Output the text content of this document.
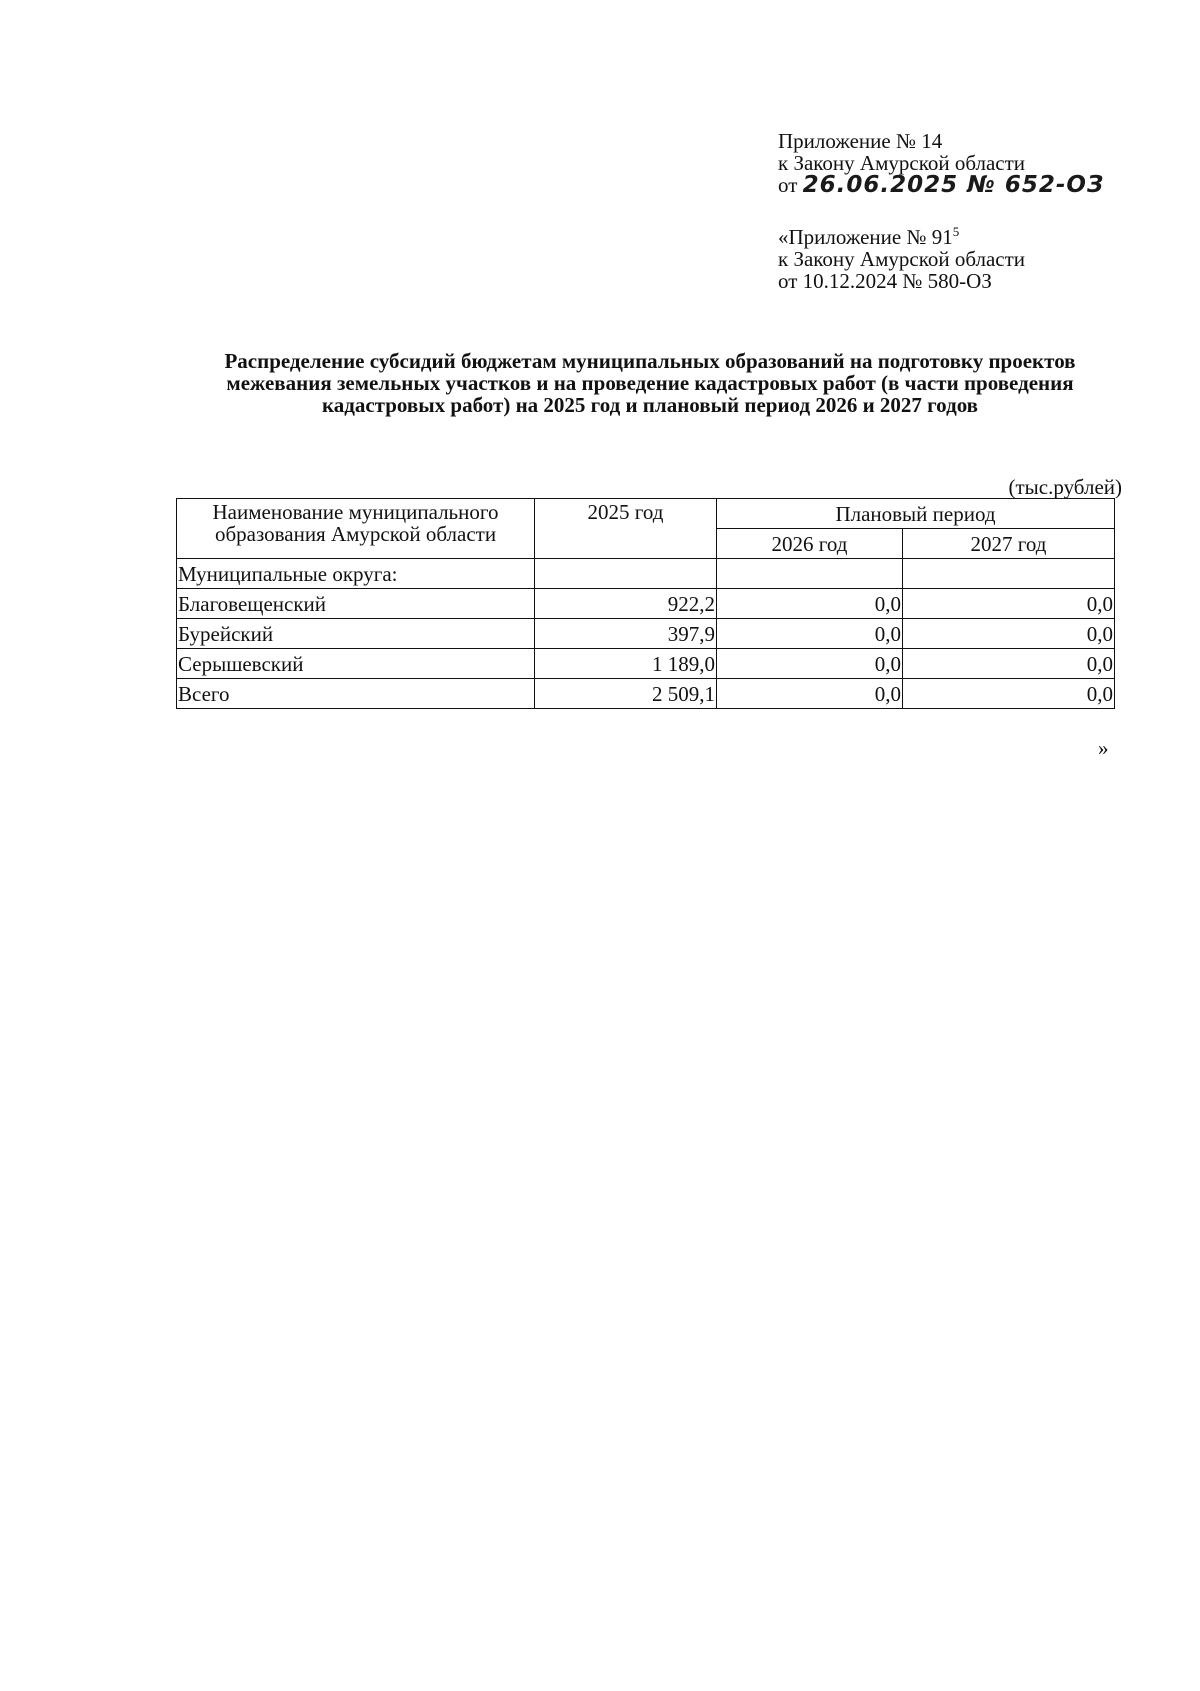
Приложение № 14
к Закону Амурской области
от 26.06.2025 № 652-ОЗ
«Приложение № $91^5$
к Закону Амурской области
от 10.12.2024 № 580-ОЗ
Распределение субсидий бюджетам муниципальных образований на подготовку проектов межевания земельных участков и на проведение кадастровых работ (в части проведения кадастровых работ) на 2025 год и плановый период 2026 и 2027 годов
(тыс.рублей)
Наименование муниципального образования Амурской области	2025 год	Плановый период	
		2026 год	2027 год
Муниципальные округа:			
Благовещенский	922,2	0,0	0,0
Бурейский	397,9	0,0	0,0
Серышевский	1 189,0	0,0	0,0
Всего	2 509,1	0,0	0,0
»
